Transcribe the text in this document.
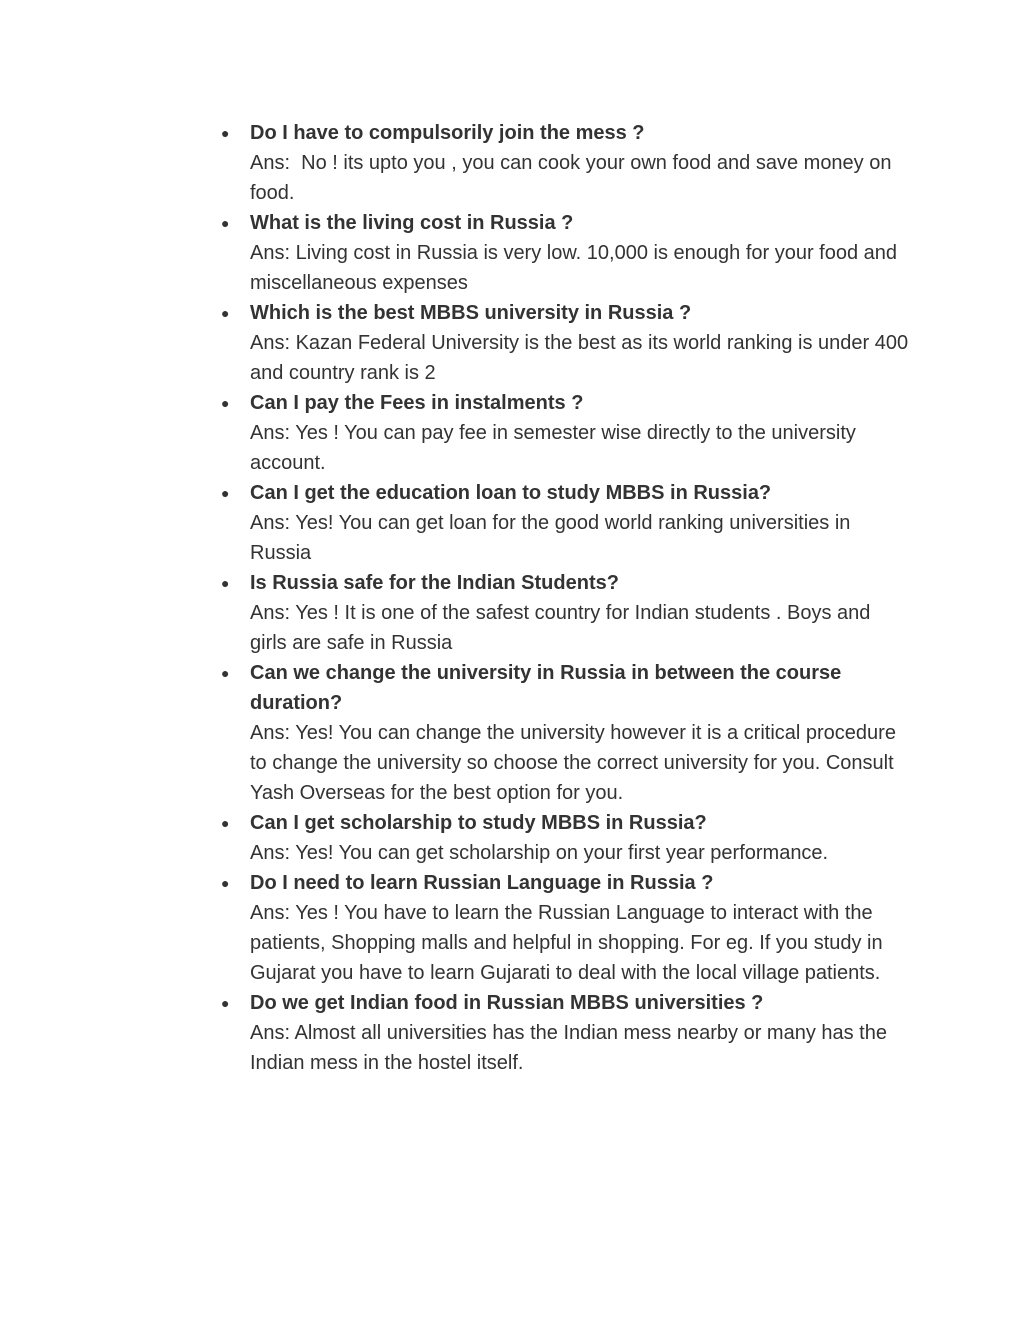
● Do I have to compulsorily join the mess ?
Ans:  No ! its upto you , you can cook your own food and save money on food.
● What is the living cost in Russia ?
Ans: Living cost in Russia is very low. 10,000 is enough for your food and miscellaneous expenses
● Which is the best MBBS university in Russia ?
Ans: Kazan Federal University is the best as its world ranking is under 400 and country rank is 2
● Can I pay the Fees in instalments ?
Ans: Yes ! You can pay fee in semester wise directly to the university account.
● Can I get the education loan to study MBBS in Russia?
Ans: Yes! You can get loan for the good world ranking universities in Russia
● Is Russia safe for the Indian Students?
Ans: Yes ! It is one of the safest country for Indian students . Boys and girls are safe in Russia
● Can we change the university in Russia in between the course duration?
Ans: Yes! You can change the university however it is a critical procedure to change the university so choose the correct university for you. Consult Yash Overseas for the best option for you.
● Can I get scholarship to study MBBS in Russia?
Ans: Yes! You can get scholarship on your first year performance.
● Do I need to learn Russian Language in Russia ?
Ans: Yes ! You have to learn the Russian Language to interact with the patients, Shopping malls and helpful in shopping. For eg. If you study in Gujarat you have to learn Gujarati to deal with the local village patients.
● Do we get Indian food in Russian MBBS universities ?
Ans: Almost all universities has the Indian mess nearby or many has the Indian mess in the hostel itself.
